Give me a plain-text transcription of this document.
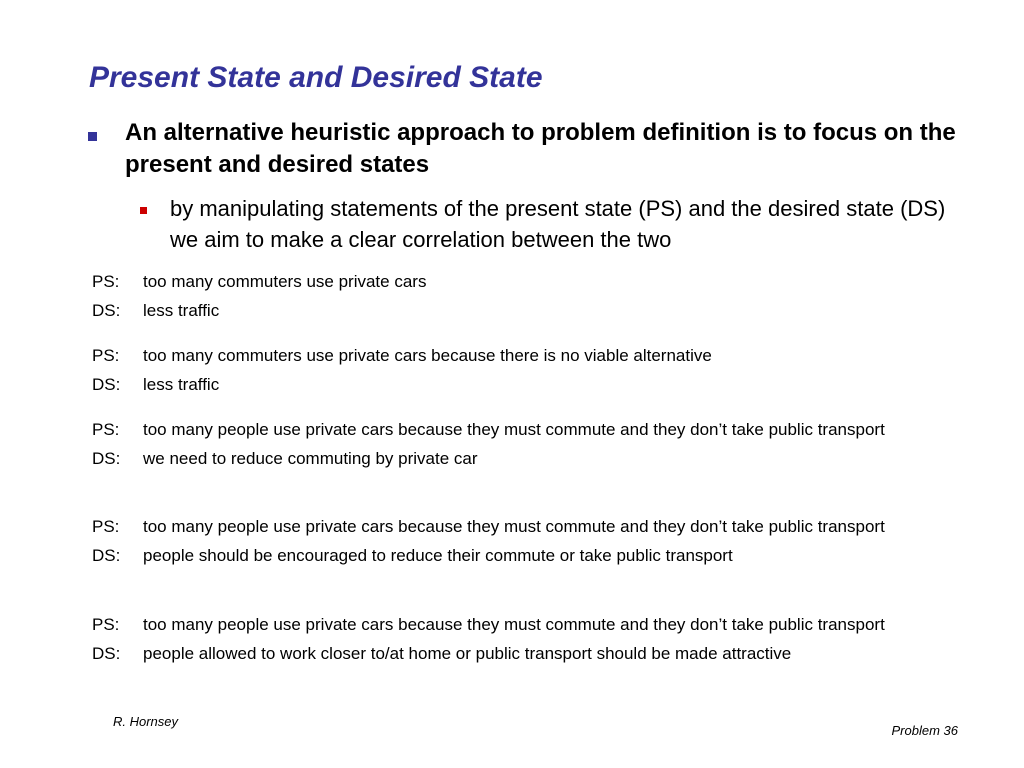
Present State and Desired State
An alternative heuristic approach to problem definition is to focus on the present and desired states
by manipulating statements of the present state (PS) and the desired state (DS) we aim to make a clear correlation between the two
PS: too many commuters use private cars
DS: less traffic
PS: too many commuters use private cars because there is no viable alternative
DS: less traffic
PS: too many people use private cars because they must commute and they don’t take public transport
DS: we need to reduce commuting by private car
PS: too many people use private cars because they must commute and they don’t take public transport
DS: people should be encouraged to reduce their commute or take public transport
PS: too many people use private cars because they must commute and they don’t take public transport
DS: people allowed to work closer to/at home or public transport should be made attractive
R. Hornsey
Problem 36
